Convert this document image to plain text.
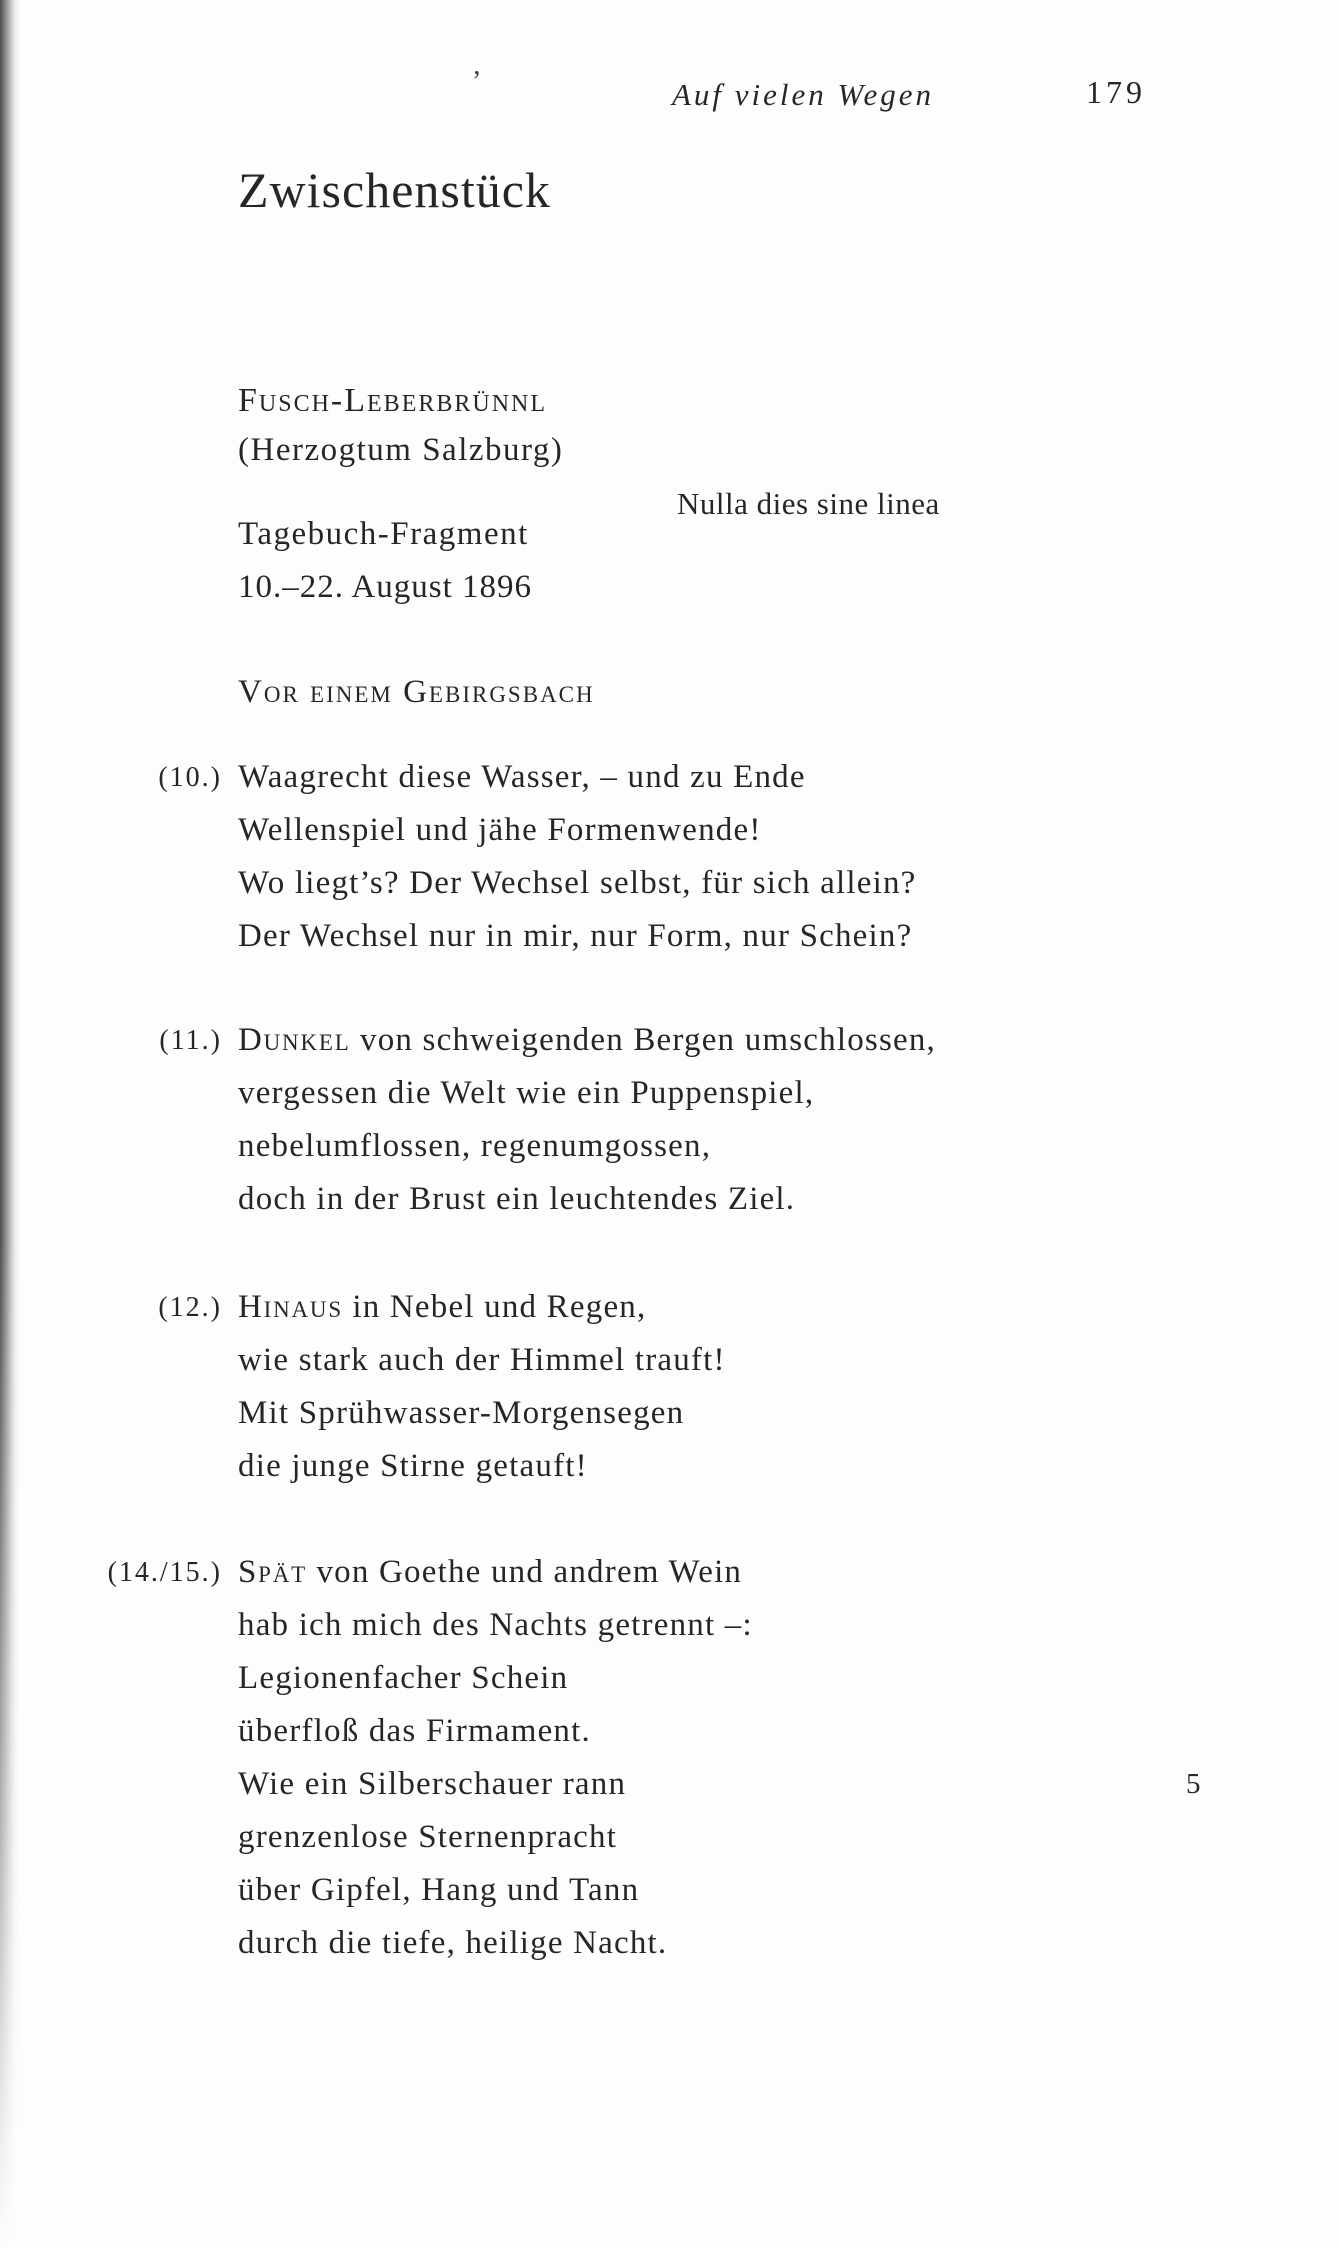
’	Auf vielen Wegen	179
Zwischenstück
Fusch-Leberbrünnl
(Herzogtum Salzburg)
Tagebuch-Fragment
10.–22. August 1896
Nulla dies sine linea
Vor einem Gebirgsbach
(10.) Waagrecht diese Wasser, – und zu Ende
Wellenspiel und jähe Formenwende!
Wo liegt’s? Der Wechsel selbst, für sich allein?
Der Wechsel nur in mir, nur Form, nur Schein?
(11.) Dunkel von schweigenden Bergen umschlossen,
vergessen die Welt wie ein Puppenspiel,
nebelumflossen, regenumgossen,
doch in der Brust ein leuchtendes Ziel.
(12.) Hinaus in Nebel und Regen,
wie stark auch der Himmel trauft!
Mit Sprühwasser-Morgensegen
die junge Stirne getauft!
(14./15.) Spät von Goethe und andrem Wein
hab ich mich des Nachts getrennt –:
Legionenfacher Schein
überfloß das Firmament.
Wie ein Silberschauer rann
grenzenlose Sternenpracht
über Gipfel, Hang und Tann
durch die tiefe, heilige Nacht.
5
